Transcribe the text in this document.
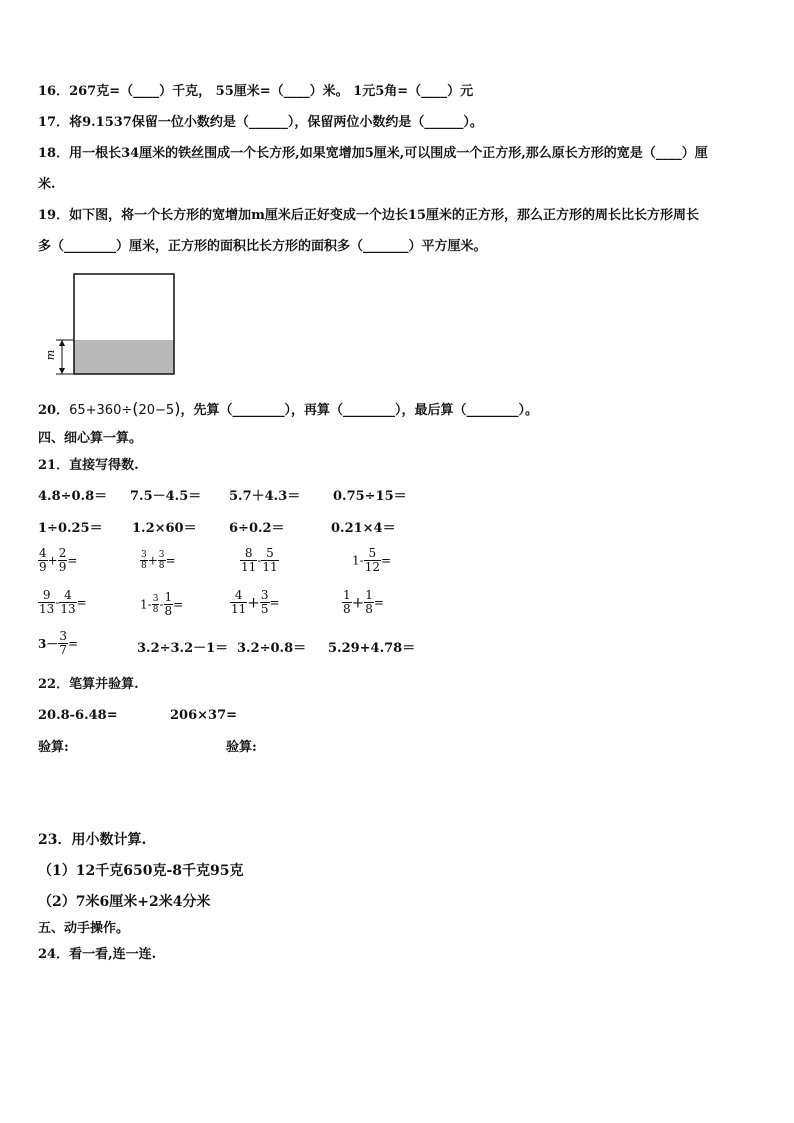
16．267克=（____）千克， 55厘米=（____）米。 1元5角=（____）元
17．将9.1537保留一位小数约是（______），保留两位小数约是（______）。
18．用一根长34厘米的铁丝围成一个长方形,如果宽增加5厘米,可以围成一个正方形,那么原长方形的宽是（____）厘
米.
19．如下图，将一个长方形的宽增加m厘米后正好变成一个边长15厘米的正方形，那么正方形的周长比长方形周长
多（________）厘米，正方形的面积比长方形的面积多（_______）平方厘米。
m
20．65+360÷(20−5)，先算（________），再算（________），最后算（________）。
四、细心算一算。
21．直接写得数.
4.8÷0.8＝ 7.5－4.5＝ 5.7＋4.3＝	0.75÷15＝
1÷0.25＝ 1.2×60＝ 6÷0.2＝	0.21×4＝
$\frac{4}{9} + \frac{2}{9}$ =	$\frac{3}{8} + \frac{3}{8}$ =	$\frac{8}{11} - \frac{5}{11}$	$1- \frac{5}{12}$ =
$\frac{9}{13} - \frac{4}{13}$ =	$1- \frac{3}{8} - \frac{1}{8}$ =	$\frac{4}{11} + \frac{3}{5}$ =	$\frac{1}{8} + \frac{1}{8}$ =
$3- \frac{3}{7}$ =	3.2÷3.2－1＝ 3.2÷0.8＝ 5.29+4.78＝
22．笔算并验算.
20.8-6.48=	206×37=
验算:	验算:
23．用小数计算.
（1）12千克650克-8千克95克
（2）7米6厘米+2米4分米
五、动手操作。
24．看一看,连一连.
